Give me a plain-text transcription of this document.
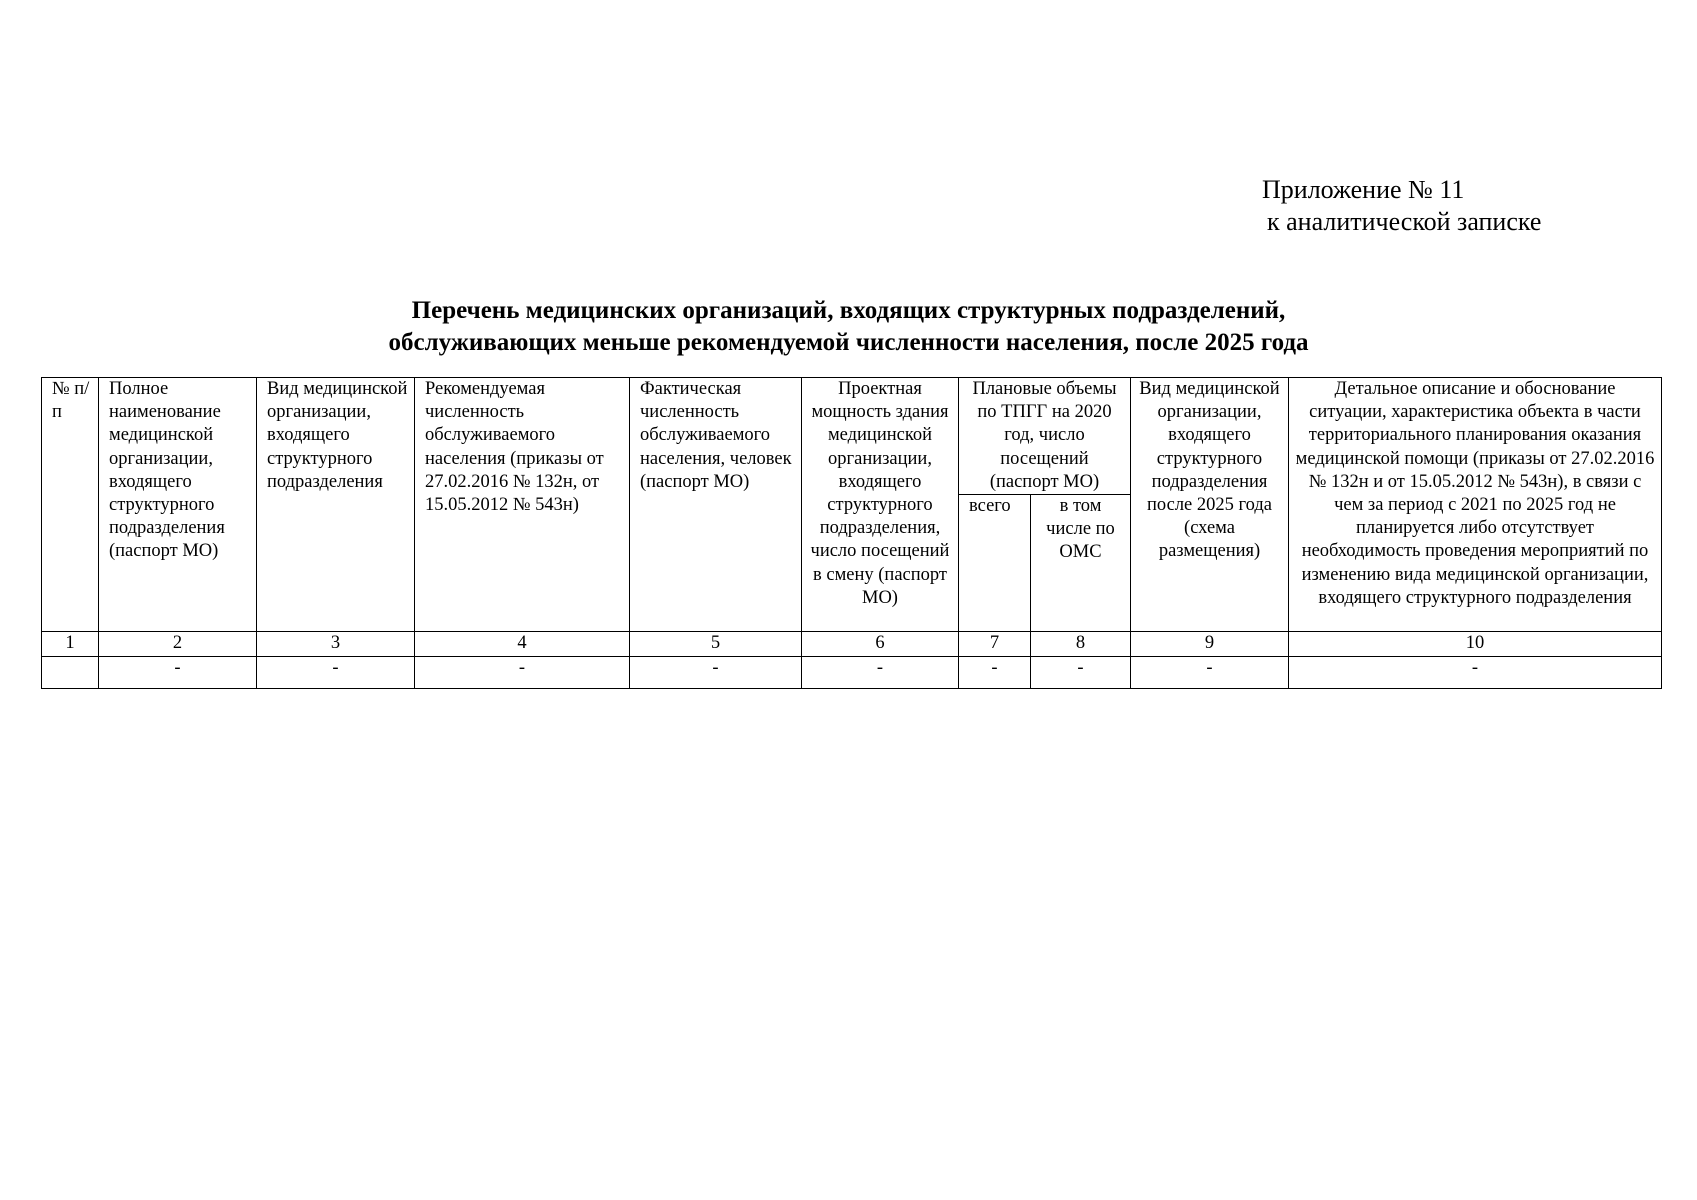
Приложение № 11
к аналитической записке
Перечень медицинских организаций, входящих структурных подразделений,
обслуживающих меньше рекомендуемой численности населения, после 2025 года
№ п/п	Полное наименование медицинской организации, входящего структурного подразделения (паспорт МО)	Вид медицинской организации, входящего структурного подразделения	Рекомендуемая численность обслуживаемого населения (приказы от 27.02.2016 № 132н, от 15.05.2012 № 543н)	Фактическая численность обслуживаемого населения, человек (паспорт МО)	Проектная мощность здания медицинской организации, входящего структурного подразделения, число посещений в смену (паспорт МО)	Плановые объемы по ТПГГ на 2020 год, число посещений (паспорт МО)		Вид медицинской организации, входящего структурного подразделения после 2025 года (схема размещения)	Детальное описание и обоснование ситуации, характеристика объекта в части территориального планирования оказания медицинской помощи (приказы от 27.02.2016 № 132н и от 15.05.2012 № 543н), в связи с чем за период с 2021 по 2025 год не планируется либо отсутствует необходимость проведения мероприятий по изменению вида медицинской организации, входящего структурного подразделения
						всего	в том числе по ОМС		
1	2	3	4	5	6	7	8	9	10
	-	-	-	-	-	-	-	-	-
